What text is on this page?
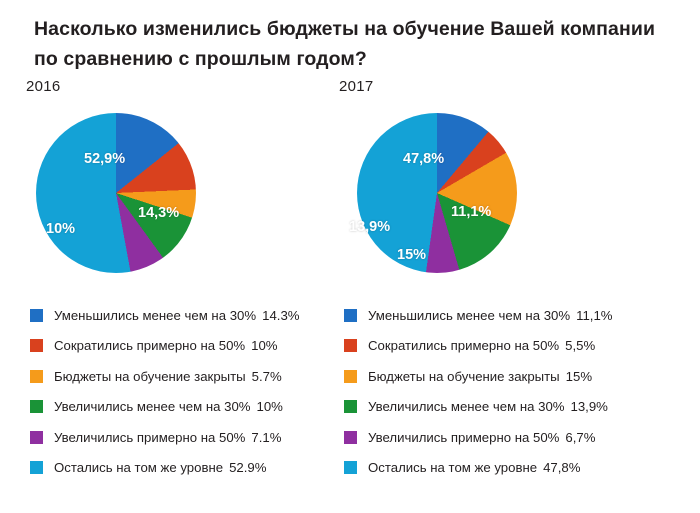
Насколько изменились бюджеты на обучение Вашей компании по сравнению с прошлым годом?
2016
52,9%
14,3%
10%
2017
47,8%
11,1%
15%
13,9%
Уменьшились менее чем на 30% 14.3%
Сократились примерно на 50% 10%
Бюджеты на обучение закрыты 5.7%
Увеличились менее чем на 30% 10%
Увеличились примерно на 50% 7.1%
Остались на том же уровне 52.9%
Уменьшились менее чем на 30% 11,1%
Сократились примерно на 50% 5,5%
Бюджеты на обучение закрыты 15%
Увеличились менее чем на 30% 13,9%
Увеличились примерно на 50% 6,7%
Остались на том же уровне 47,8%
